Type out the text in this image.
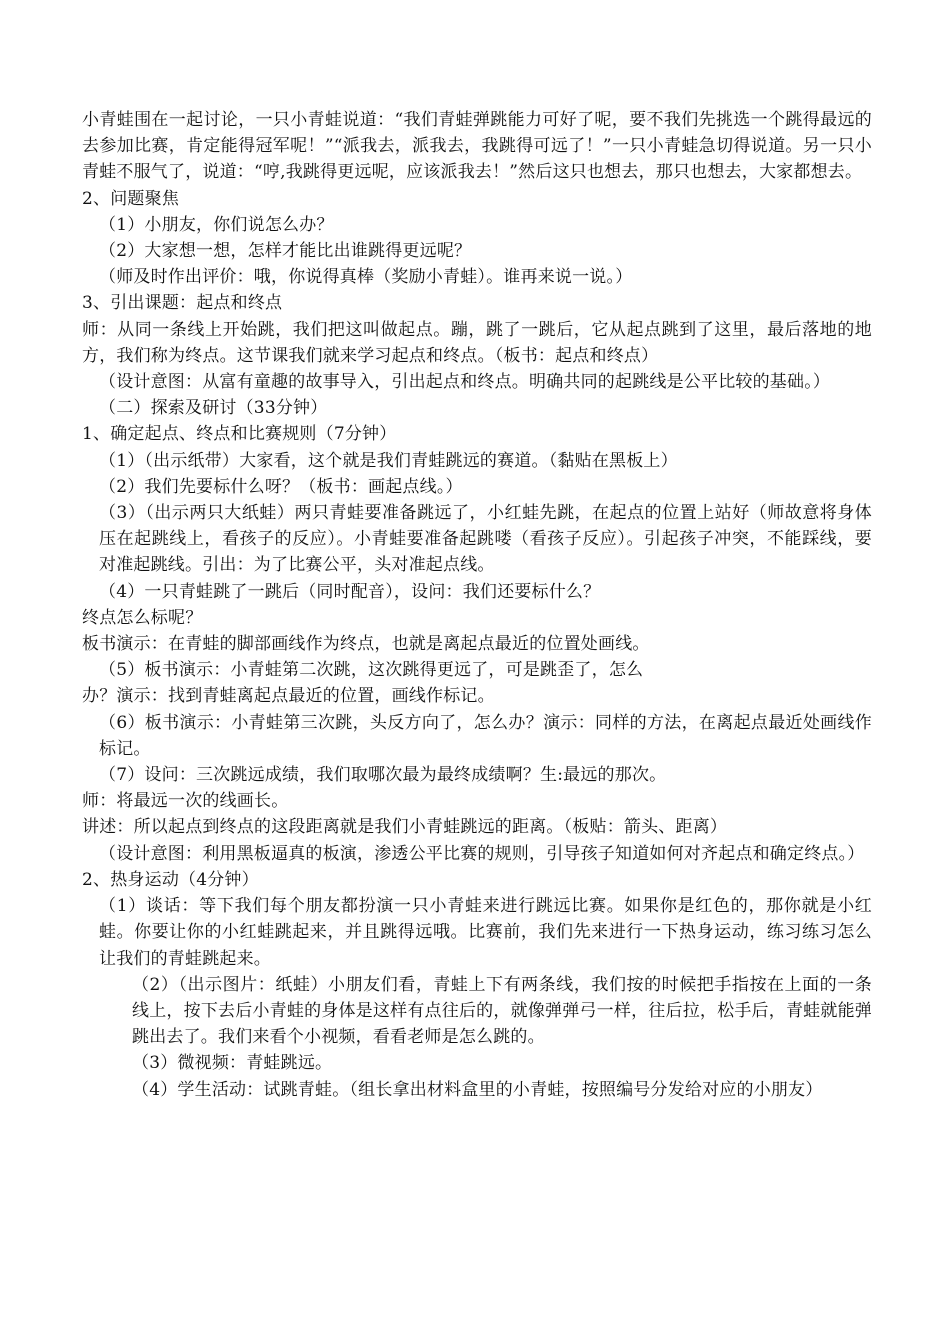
小青蛙围在一起讨论，一只小青蛙说道：“我们青蛙弹跳能力可好了呢，要不我们先挑选一个跳得最远的去参加比赛，肯定能得冠军呢！”“派我去，派我去，我跳得可远了！”一只小青蛙急切得说道。另一只小青蛙不服气了，说道：“哼,我跳得更远呢，应该派我去！”然后这只也想去，那只也想去，大家都想去。

2、问题聚焦

（1）小朋友，你们说怎么办？

（2）大家想一想，怎样才能比出谁跳得更远呢？

（师及时作出评价：哦，你说得真棒（奖励小青蛙）。谁再来说一说。）

3、引出课题：起点和终点

师：从同一条线上开始跳，我们把这叫做起点。蹦，跳了一跳后，它从起点跳到了这里，最后落地的地方，我们称为终点。这节课我们就来学习起点和终点。（板书：起点和终点）

（设计意图：从富有童趣的故事导入，引出起点和终点。明确共同的起跳线是公平比较的基础。）

（二）探索及研讨（33分钟）

1、确定起点、终点和比赛规则（7分钟）

（1）（出示纸带）大家看，这个就是我们青蛙跳远的赛道。（黏贴在黑板上）

（2）我们先要标什么呀？（板书：画起点线。）

（3）（出示两只大纸蛙）两只青蛙要准备跳远了，小红蛙先跳，在起点的位置上站好（师故意将身体压在起跳线上，看孩子的反应）。小青蛙要准备起跳喽（看孩子反应）。引起孩子冲突，不能踩线，要对准起跳线。引出：为了比赛公平，头对准起点线。

（4）一只青蛙跳了一跳后（同时配音），设问：我们还要标什么？

终点怎么标呢？

板书演示：在青蛙的脚部画线作为终点，也就是离起点最近的位置处画线。

（5）板书演示：小青蛙第二次跳，这次跳得更远了，可是跳歪了，怎么

办？演示：找到青蛙离起点最近的位置，画线作标记。

（6）板书演示：小青蛙第三次跳，头反方向了，怎么办？演示：同样的方法，在离起点最近处画线作标记。

（7）设问：三次跳远成绩，我们取哪次最为最终成绩啊？生:最远的那次。

师：将最远一次的线画长。

讲述：所以起点到终点的这段距离就是我们小青蛙跳远的距离。（板贴：箭头、距离）

（设计意图：利用黑板逼真的板演，渗透公平比赛的规则，引导孩子知道如何对齐起点和确定终点。）

2、热身运动（4分钟）

（1）谈话：等下我们每个朋友都扮演一只小青蛙来进行跳远比赛。如果你是红色的，那你就是小红蛙。你要让你的小红蛙跳起来，并且跳得远哦。比赛前，我们先来进行一下热身运动，练习练习怎么让我们的青蛙跳起来。

（2）（出示图片：纸蛙）小朋友们看，青蛙上下有两条线，我们按的时候把手指按在上面的一条线上，按下去后小青蛙的身体是这样有点往后的，就像弹弹弓一样，往后拉，松手后，青蛙就能弹跳出去了。我们来看个小视频，看看老师是怎么跳的。

（3）微视频：青蛙跳远。

（4）学生活动：试跳青蛙。（组长拿出材料盒里的小青蛙，按照编号分发给对应的小朋友）
